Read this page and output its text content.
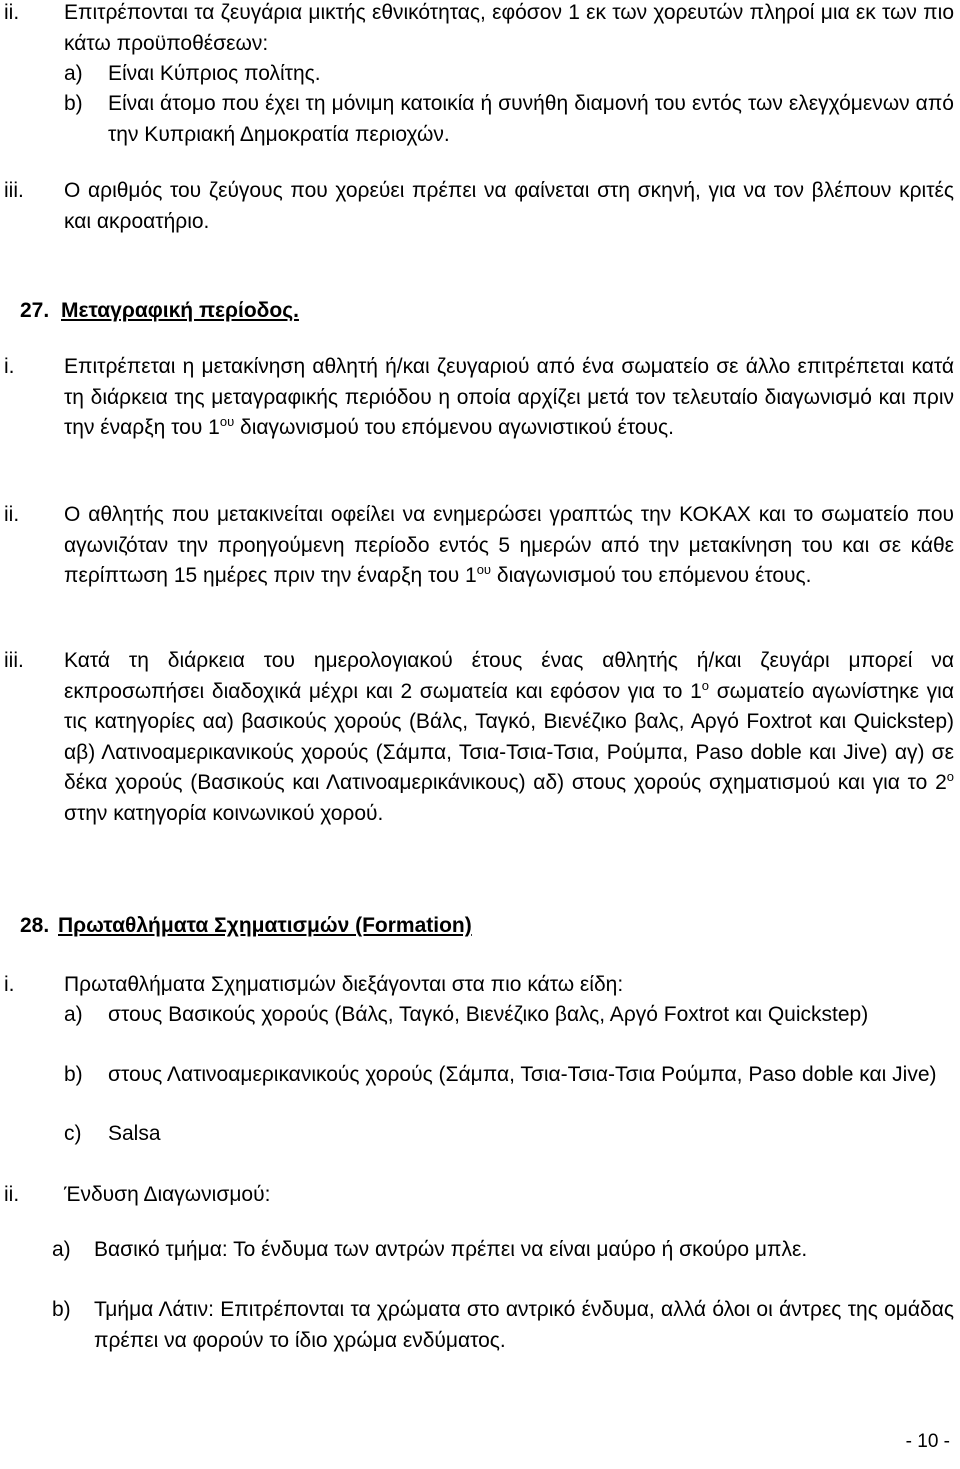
ii. Επιτρέπονται τα ζευγάρια μικτής εθνικότητας, εφόσον 1 εκ των χορευτών πληροί μια εκ των πιο κάτω προϋποθέσεων:
a) Είναι Κύπριος πολίτης.
b) Είναι άτομο που έχει τη μόνιμη κατοικία ή συνήθη διαμονή του εντός των ελεγχόμενων από την Κυπριακή Δημοκρατία περιοχών.
iii. Ο αριθμός του ζεύγους που χορεύει πρέπει να φαίνεται στη σκηνή, για να τον βλέπουν κριτές και ακροατήριο.
27. Μεταγραφική περίοδος.
i. Επιτρέπεται η μετακίνηση αθλητή ή/και ζευγαριού από ένα σωματείο σε άλλο επιτρέπεται κατά τη διάρκεια της μεταγραφικής περιόδου η οποία αρχίζει μετά τον τελευταίο διαγωνισμό και πριν την έναρξη του $1^{o\upsilon}$ διαγωνισμού του επόμενου αγωνιστικού έτους.
ii. Ο αθλητής που μετακινείται οφείλει να ενημερώσει γραπτώς την ΚΟΚΑΧ και το σωματείο που αγωνιζόταν την προηγούμενη περίοδο εντός 5 ημερών από την μετακίνηση του και σε κάθε περίπτωση 15 ημέρες πριν την έναρξη του $1^{o\upsilon}$ διαγωνισμού του επόμενου έτους.
iii. Κατά τη διάρκεια του ημερολογιακού έτους ένας αθλητής ή/και ζευγάρι μπορεί να εκπροσωπήσει διαδοχικά μέχρι και 2 σωματεία και εφόσον για το $1^o$ σωματείο αγωνίστηκε για τις κατηγορίες αα) βασικούς χορούς (Βάλς, Ταγκό, Βιενέζικο βαλς, Αργό Foxtrot και Quickstep) αβ) Λατινοαμερικανικούς χορούς (Σάμπα, Τσια-Τσια-Τσια, Ρούμπα, Paso doble και Jive) αγ) σε δέκα χορούς (Βασικούς και Λατινοαμερικάνικους) αδ) στους χορούς σχηματισμού και για το $2^o$ στην κατηγορία κοινωνικού χορού.
28. Πρωταθλήματα Σχηματισμών (Formation)
i. Πρωταθλήματα Σχηματισμών διεξάγονται στα πιο κάτω είδη:
a) στους Βασικούς χορούς (Βάλς, Ταγκό, Βιενέζικο βαλς, Αργό Foxtrot και Quickstep)
b) στους Λατινοαμερικανικούς χορούς (Σάμπα, Τσια-Τσια-Τσια Ρούμπα, Paso doble και Jive)
c) Salsa
ii. Ένδυση Διαγωνισμού:
a) Βασικό τμήμα: Το ένδυμα των αντρών πρέπει να είναι μαύρο ή σκούρο μπλε.
b) Τμήμα Λάτιν: Επιτρέπονται τα χρώματα στο αντρικό ένδυμα, αλλά όλοι οι άντρες της ομάδας πρέπει να φορούν το ίδιο χρώμα ενδύματος.
- 10 -
